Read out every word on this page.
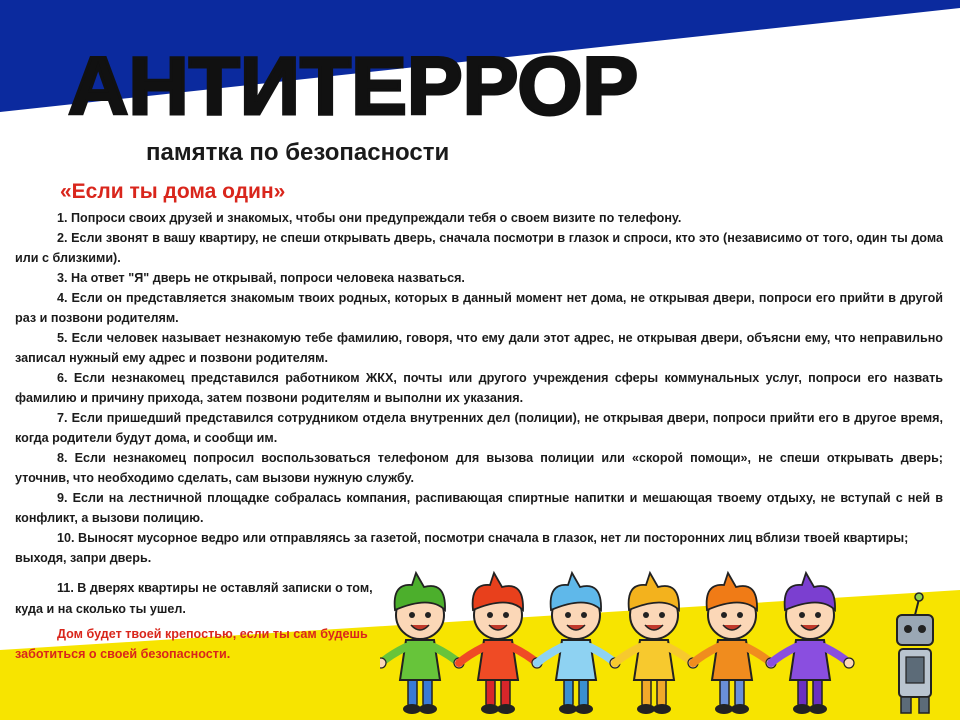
АНТИТЕРРОР
памятка по безопасности
«Если ты дома один»

1. Попроси своих друзей и знакомых, чтобы они предупреждали тебя о своем визите по телефону.

2. Если звонят в вашу квартиру, не спеши открывать дверь, сначала посмотри в глазок и спроси, кто это (независимо от того, один ты дома или с близкими).

3. На ответ "Я" дверь не открывай, попроси человека назваться.

4. Если он представляется знакомым твоих родных, которых в данный момент нет дома, не открывая двери, попроси его прийти в другой раз и позвони родителям.

5. Если человек называет незнакомую тебе фамилию, говоря, что ему дали этот адрес, не открывая двери, объясни ему, что неправильно записал нужный ему адрес и позвони родителям.

6. Если незнакомец представился работником ЖКХ, почты или другого учреждения сферы коммунальных услуг, попроси его назвать фамилию и причину прихода, затем позвони родителям и выполни их указания.

7. Если пришедший представился сотрудником отдела внутренних дел (полиции), не открывая двери, попроси прийти его в другое время, когда родители будут дома, и сообщи им.

8. Если незнакомец попросил воспользоваться телефоном для вызова полиции или «скорой помощи», не спеши открывать дверь; уточнив, что необходимо сделать, сам вызови нужную службу.

9. Если на лестничной площадке собралась компания, распивающая спиртные напитки и мешающая твоему отдыху, не вступай с ней в конфликт, а вызови полицию.

10. Выносят мусорное ведро или отправляясь за газетой, посмотри сначала в глазок, нет ли посторонних лиц вблизи твоей квартиры; выходя, запри дверь.

11. В дверях квартиры не оставляй записки о том, куда и на сколько ты ушел.

Дом будет твоей крепостью, если ты сам будешь заботиться о своей безопасности.
